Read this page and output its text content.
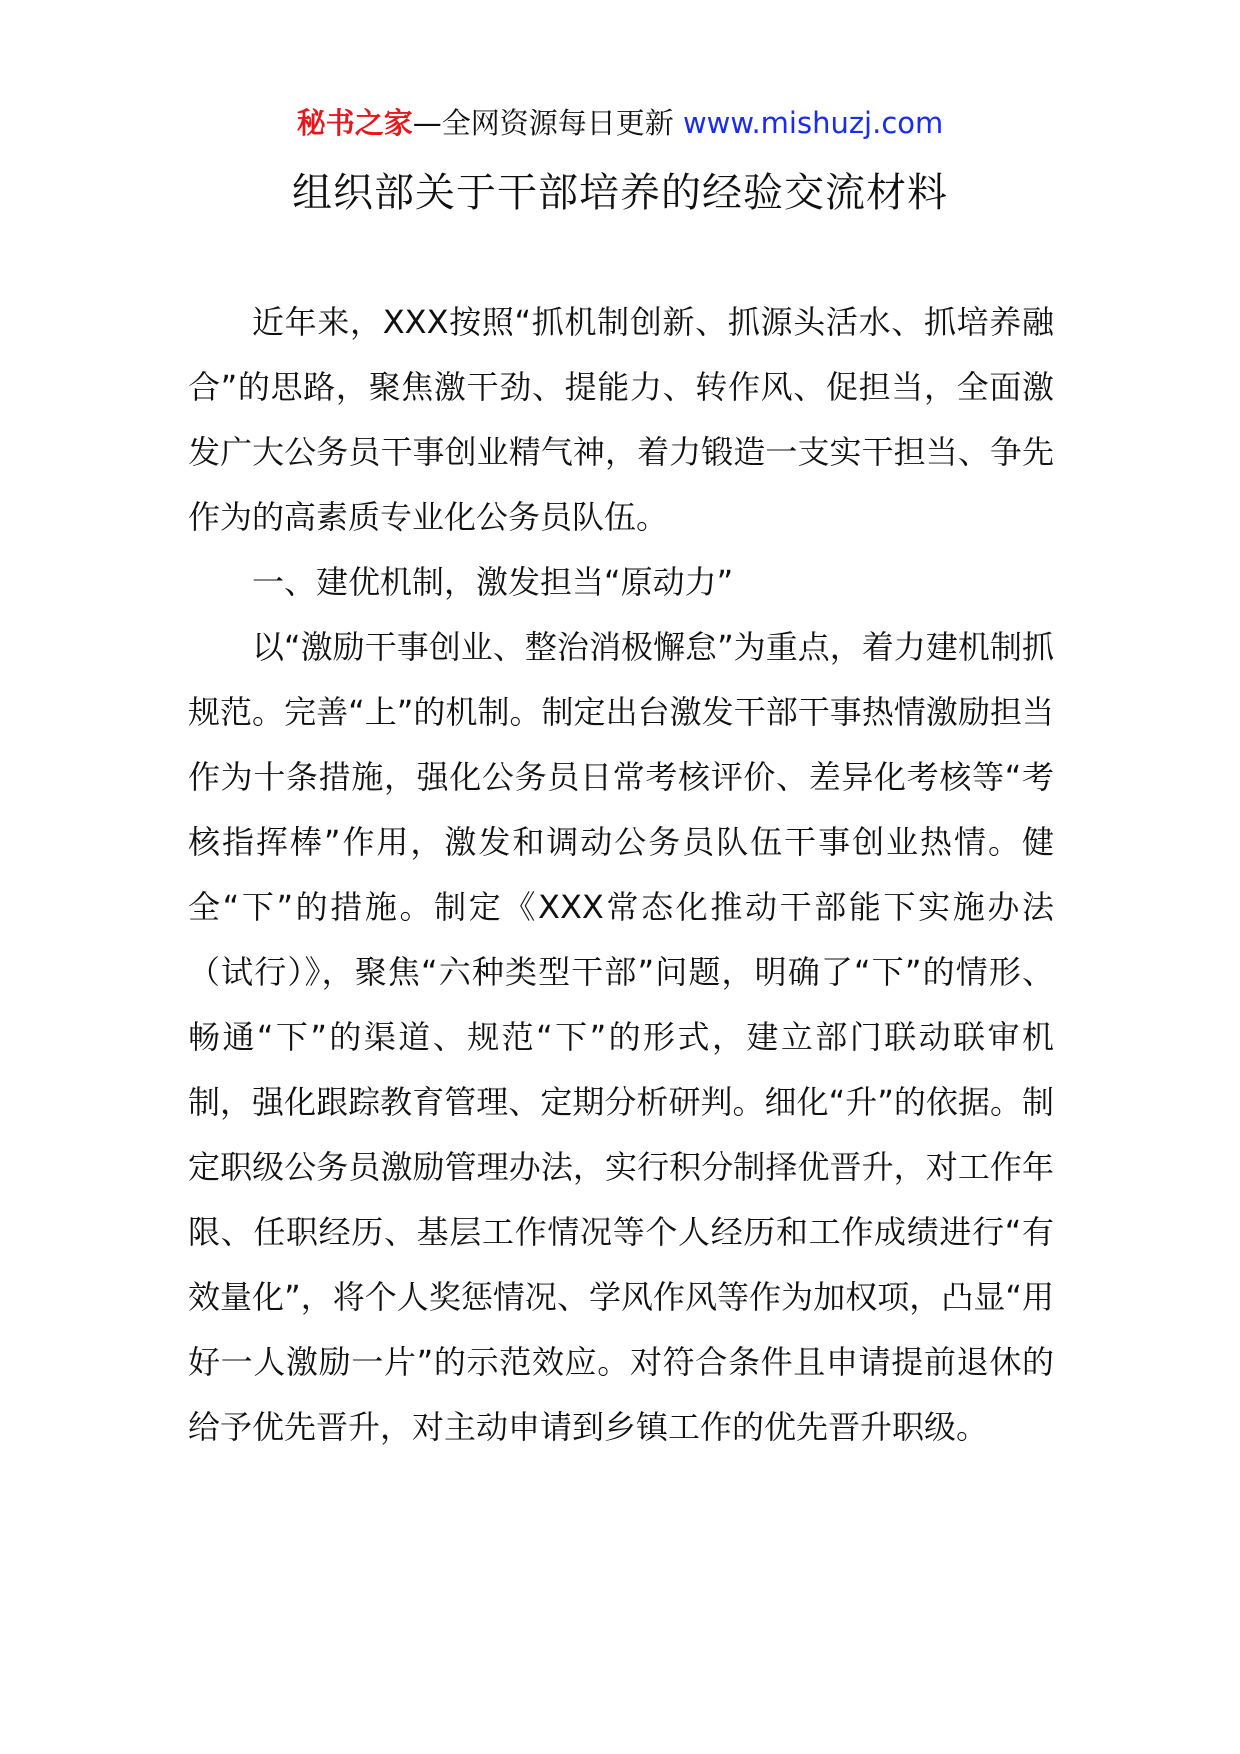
秘书之家—全网资源每日更新 www.mishuzj.com
组织部关于干部培养的经验交流材料

近年来，XXX按照“抓机制创新、抓源头活水、抓培养融合”的思路，聚焦激干劲、提能力、转作风、促担当，全面激发广大公务员干事创业精气神，着力锻造一支实干担当、争先作为的高素质专业化公务员队伍。

一、建优机制，激发担当“原动力”

以“激励干事创业、整治消极懈怠”为重点，着力建机制抓规范。完善“上”的机制。制定出台激发干部干事热情激励担当作为十条措施，强化公务员日常考核评价、差异化考核等“考核指挥棒”作用，激发和调动公务员队伍干事创业热情。健全“下”的措施。制定《XXX常态化推动干部能下实施办法（试行）》，聚焦“六种类型干部”问题，明确了“下”的情形、畅通“下”的渠道、规范“下”的形式，建立部门联动联审机制，强化跟踪教育管理、定期分析研判。细化“升”的依据。制定职级公务员激励管理办法，实行积分制择优晋升，对工作年限、任职经历、基层工作情况等个人经历和工作成绩进行“有效量化”，将个人奖惩情况、学风作风等作为加权项，凸显“用好一人激励一片”的示范效应。对符合条件且申请提前退休的给予优先晋升，对主动申请到乡镇工作的优先晋升职级。
